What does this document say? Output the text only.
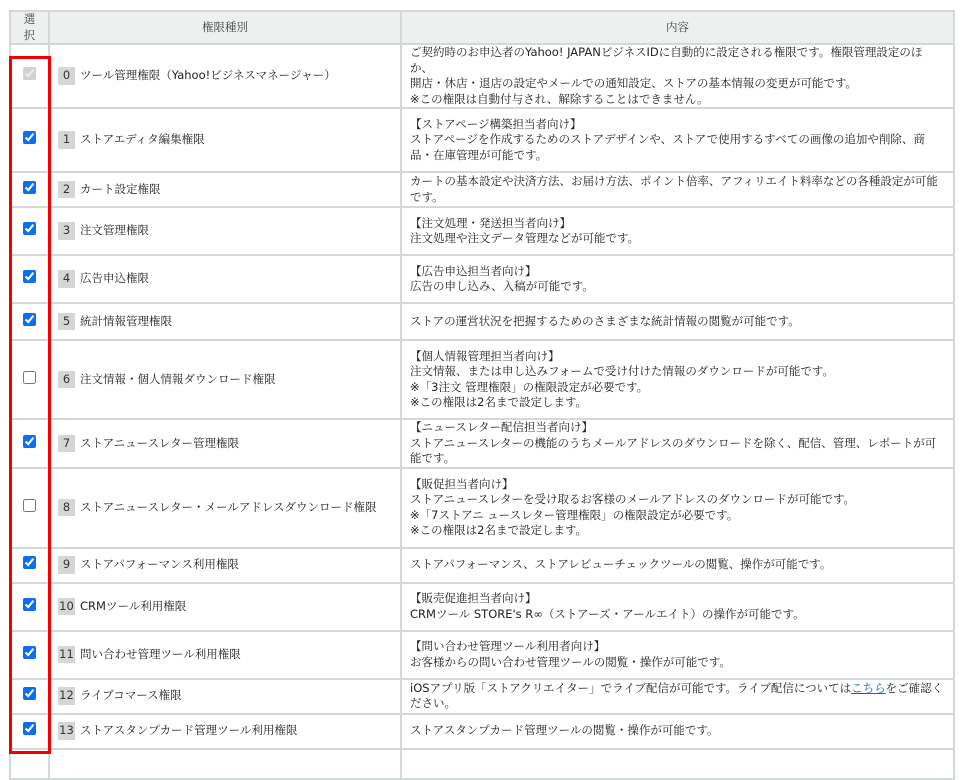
選択	権限種別	内容
	0 ツール管理権限（Yahoo!ビジネスマネージャー）	ご契約時のお申込者のYahoo! JAPANビジネスIDに自動的に設定される権限です。権限管理設定のほか、
開店・休店・退店の設定やメールでの通知設定、ストアの基本情報の変更が可能です。
※この権限は自動付与され、解除することはできません。
	1 ストアエディタ編集権限	【ストアページ構築担当者向け】
ストアページを作成するためのストアデザインや、ストアで使用するすべての画像の追加や削除、商品・在庫管理が可能です。
	2 カート設定権限	カートの基本設定や決済方法、お届け方法、ポイント倍率、アフィリエイト料率などの各種設定が可能です。
	3 注文管理権限	【注文処理・発送担当者向け】
注文処理や注文データ管理などが可能です。
	4 広告申込権限	【広告申込担当者向け】
広告の申し込み、入稿が可能です。
	5 統計情報管理権限	ストアの運営状況を把握するためのさまざまな統計情報の閲覧が可能です。
	6 注文情報・個人情報ダウンロード権限	【個人情報管理担当者向け】
注文情報、または申し込みフォームで受け付けた情報のダウンロードが可能です。
※「3注文 管理権限」の権限設定が必要です。
※この権限は2名まで設定します。
	7 ストアニュースレター管理権限	【ニュースレター配信担当者向け】
ストアニュースレターの機能のうちメールアドレスのダウンロードを除く、配信、管理、レポートが可能です。
	8 ストアニュースレター・メールアドレスダウンロード権限	【販促担当者向け】
ストアニュースレターを受け取るお客様のメールアドレスのダウンロードが可能です。
※「7ストアニ ュースレター管理権限」の権限設定が必要です。
※この権限は2名まで設定します。
	9 ストアパフォーマンス利用権限	ストアパフォーマンス、ストアレビューチェックツールの閲覧、操作が可能です。
	10 CRMツール利用権限	【販売促進担当者向け】
CRMツール STORE's R∞（ストアーズ・アールエイト）の操作が可能です。
	11 問い合わせ管理ツール利用権限	【問い合わせ管理ツール利用者向け】
お客様からの問い合わせ管理ツールの閲覧・操作が可能です。
	12 ライブコマース権限	iOSアプリ版「ストアクリエイター」でライブ配信が可能です。ライブ配信についてはこちらをご確認ください。
	13 ストアスタンプカード管理ツール利用権限	ストアスタンプカード管理ツールの閲覧・操作が可能です。
